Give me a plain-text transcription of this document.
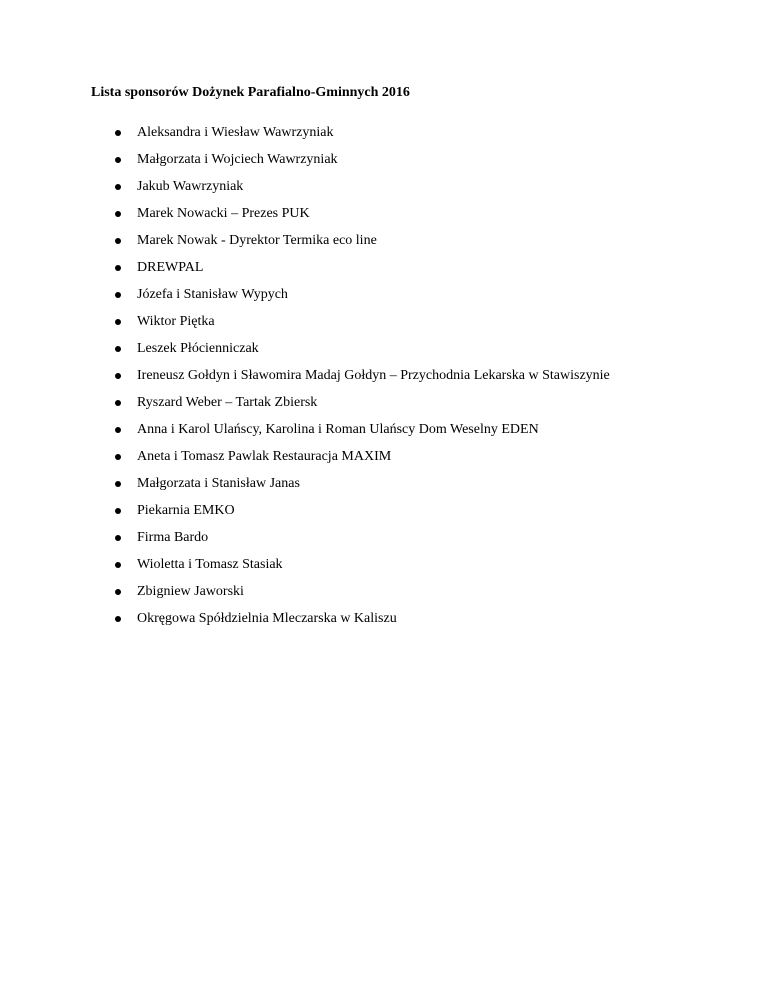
Lista sponsorów Dożynek Parafialno-Gminnych 2016
Aleksandra i Wiesław Wawrzyniak
Małgorzata i Wojciech Wawrzyniak
Jakub Wawrzyniak
Marek Nowacki – Prezes PUK
Marek Nowak - Dyrektor Termika eco line
DREWPAL
Józefa i Stanisław Wypych
Wiktor Piętka
Leszek Płócienniczak
Ireneusz Gołdyn i Sławomira Madaj Gołdyn – Przychodnia Lekarska w Stawiszynie
Ryszard Weber – Tartak Zbiersk
Anna i Karol Ulańscy, Karolina i Roman Ulańscy Dom Weselny EDEN
Aneta i Tomasz Pawlak Restauracja MAXIM
Małgorzata i Stanisław Janas
Piekarnia EMKO
Firma Bardo
Wioletta i Tomasz Stasiak
Zbigniew Jaworski
Okręgowa Spółdzielnia Mleczarska w Kaliszu
